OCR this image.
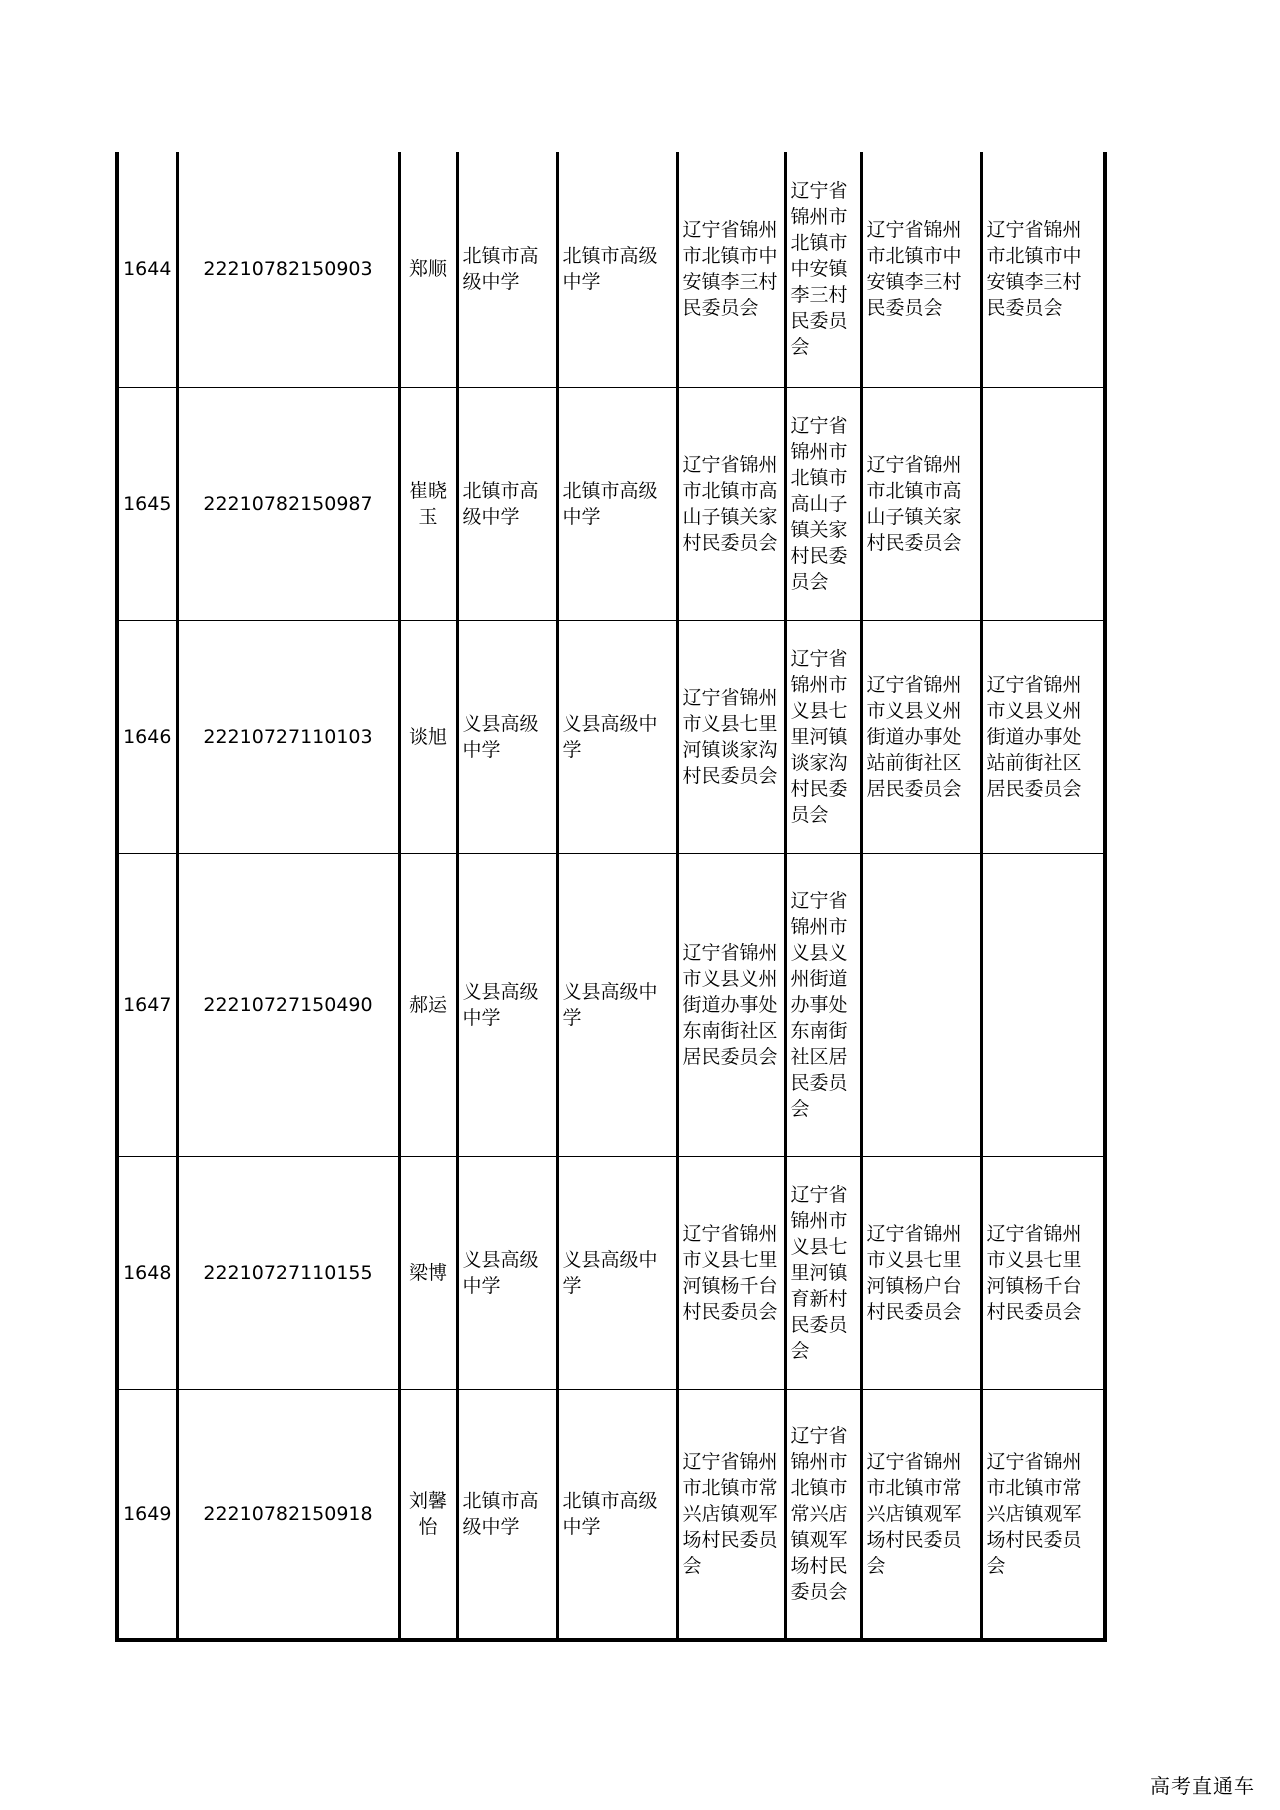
1644	22210782150903	郑顺	北镇市高级中学	北镇市高级中学	辽宁省锦州市北镇市中安镇李三村民委员会	辽宁省锦州市北镇市中安镇李三村民委员会	辽宁省锦州市北镇市中安镇李三村民委员会	辽宁省锦州市北镇市中安镇李三村民委员会
1645	22210782150987	崔晓玉	北镇市高级中学	北镇市高级中学	辽宁省锦州市北镇市高山子镇关家村民委员会	辽宁省锦州市北镇市高山子镇关家村民委员会	辽宁省锦州市北镇市高山子镇关家村民委员会	
1646	22210727110103	谈旭	义县高级中学	义县高级中学	辽宁省锦州市义县七里河镇谈家沟村民委员会	辽宁省锦州市义县七里河镇谈家沟村民委员会	辽宁省锦州市义县义州街道办事处站前街社区居民委员会	辽宁省锦州市义县义州街道办事处站前街社区居民委员会
1647	22210727150490	郝运	义县高级中学	义县高级中学	辽宁省锦州市义县义州街道办事处东南街社区居民委员会	辽宁省锦州市义县义州街道办事处东南街社区居民委员会		
1648	22210727110155	梁博	义县高级中学	义县高级中学	辽宁省锦州市义县七里河镇杨千台村民委员会	辽宁省锦州市义县七里河镇育新村民委员会	辽宁省锦州市义县七里河镇杨户台村民委员会	辽宁省锦州市义县七里河镇杨千台村民委员会
1649	22210782150918	刘馨怡	北镇市高级中学	北镇市高级中学	辽宁省锦州市北镇市常兴店镇观军场村民委员会	辽宁省锦州市北镇市常兴店镇观军场村民委员会	辽宁省锦州市北镇市常兴店镇观军场村民委员会	辽宁省锦州市北镇市常兴店镇观军场村民委员会
高考直通车
